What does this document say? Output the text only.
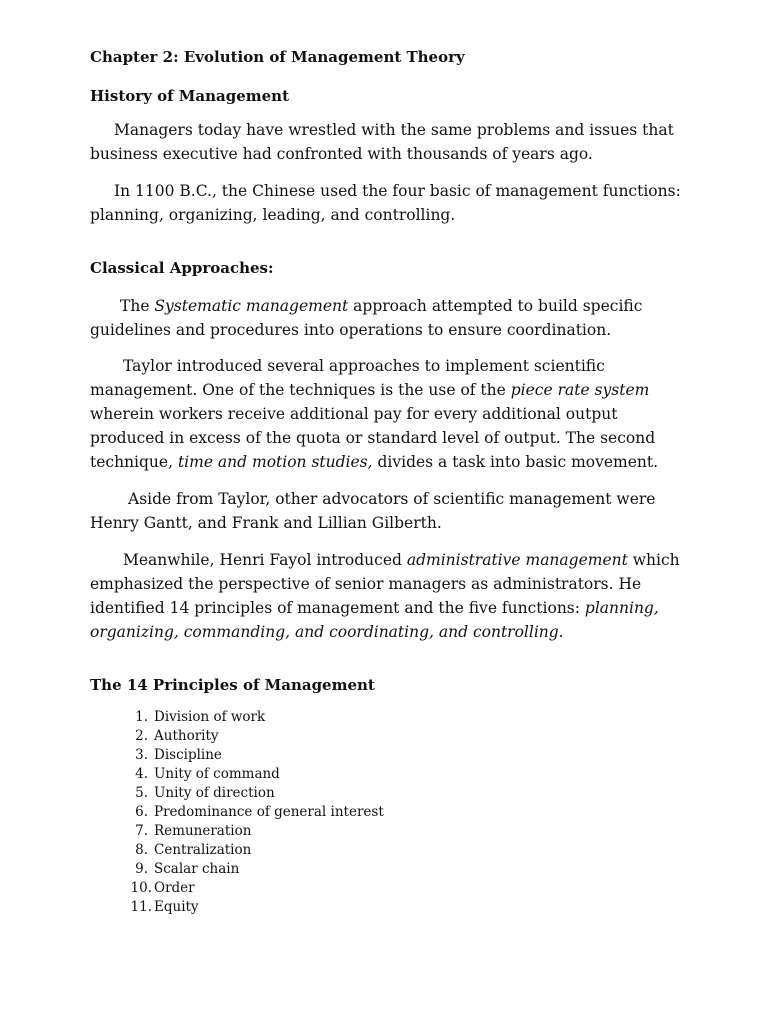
Chapter 2: Evolution of Management Theory
History of Management

Managers today have wrestled with the same problems and issues that business executive had confronted with thousands of years ago.

In 1100 B.C., the Chinese used the four basic of management functions: planning, organizing, leading, and controlling.

Classical Approaches:

The Systematic management approach attempted to build specific guidelines and procedures into operations to ensure coordination.

Taylor introduced several approaches to implement scientific management. One of the techniques is the use of the piece rate system wherein workers receive additional pay for every additional output produced in excess of the quota or standard level of output. The second technique, time and motion studies, divides a task into basic movement.

Aside from Taylor, other advocators of scientific management were Henry Gantt, and Frank and Lillian Gilberth.

Meanwhile, Henri Fayol introduced administrative management which emphasized the perspective of senior managers as administrators. He identified 14 principles of management and the five functions: planning, organizing, commanding, and coordinating, and controlling.

The 14 Principles of Management
1. Division of work
2. Authority
3. Discipline
4. Unity of command
5. Unity of direction
6. Predominance of general interest
7. Remuneration
8. Centralization
9. Scalar chain
10. Order
11. Equity
